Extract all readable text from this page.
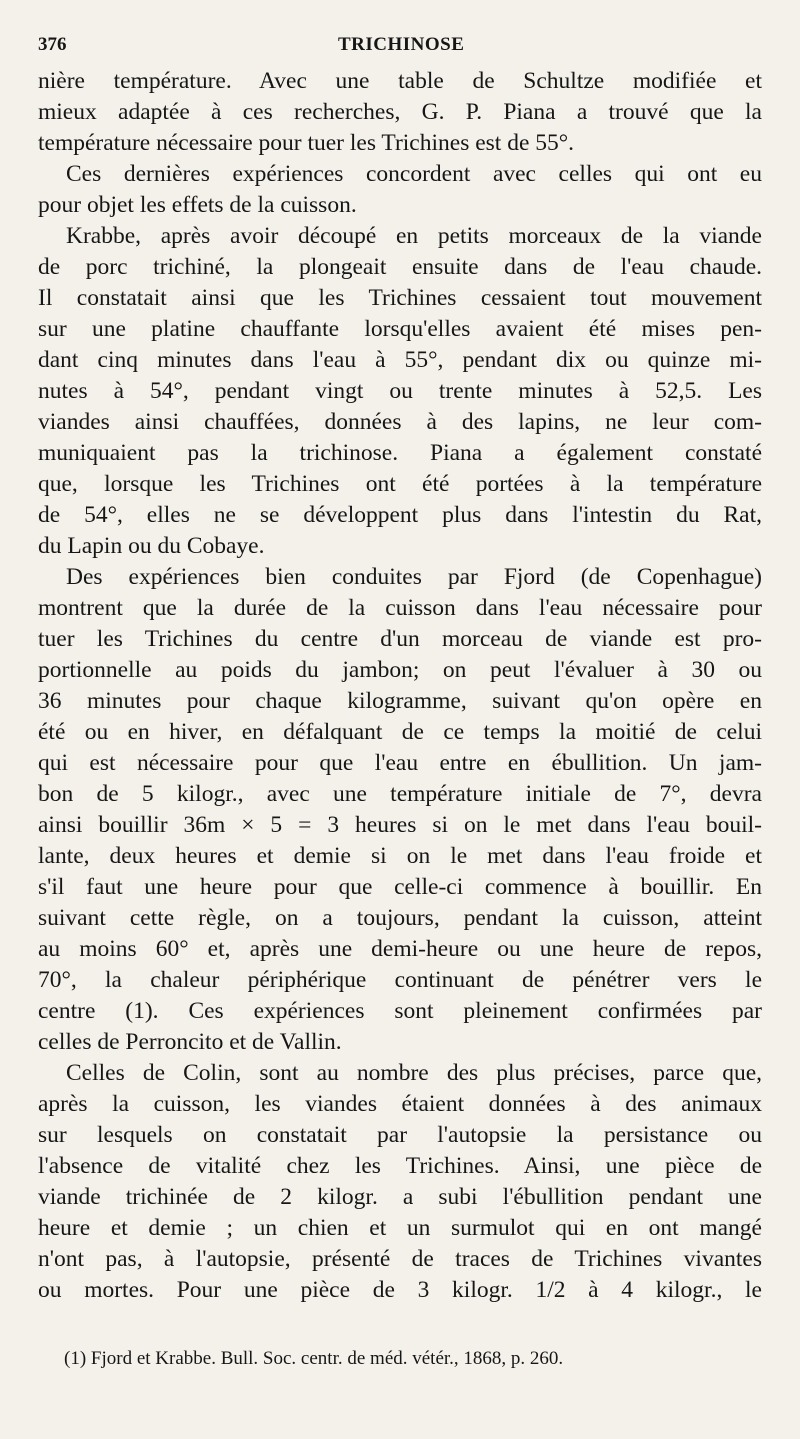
376	TRICHINOSE
nière température. Avec une table de Schultze modifiée et
mieux adaptée à ces recherches, G. P. Piana a trouvé que la
température nécessaire pour tuer les Trichines est de 55°.
Ces dernières expériences concordent avec celles qui ont eu
pour objet les effets de la cuisson.
Krabbe, après avoir découpé en petits morceaux de la viande
de porc trichiné, la plongeait ensuite dans de l'eau chaude.
Il constatait ainsi que les Trichines cessaient tout mouvement
sur une platine chauffante lorsqu'elles avaient été mises pen-
dant cinq minutes dans l'eau à 55°, pendant dix ou quinze mi-
nutes à 54°, pendant vingt ou trente minutes à 52,5. Les
viandes ainsi chauffées, données à des lapins, ne leur com-
muniquaient pas la trichinose. Piana a également constaté
que, lorsque les Trichines ont été portées à la température
de 54°, elles ne se développent plus dans l'intestin du Rat,
du Lapin ou du Cobaye.
Des expériences bien conduites par Fjord (de Copenhague)
montrent que la durée de la cuisson dans l'eau nécessaire pour
tuer les Trichines du centre d'un morceau de viande est pro-
portionnelle au poids du jambon; on peut l'évaluer à 30 ou
36 minutes pour chaque kilogramme, suivant qu'on opère en
été ou en hiver, en défalquant de ce temps la moitié de celui
qui est nécessaire pour que l'eau entre en ébullition. Un jam-
bon de 5 kilogr., avec une température initiale de 7°, devra
ainsi bouillir 36m × 5 = 3 heures si on le met dans l'eau bouil-
lante, deux heures et demie si on le met dans l'eau froide et
s'il faut une heure pour que celle-ci commence à bouillir. En
suivant cette règle, on a toujours, pendant la cuisson, atteint
au moins 60° et, après une demi-heure ou une heure de repos,
70°, la chaleur périphérique continuant de pénétrer vers le
centre (1). Ces expériences sont pleinement confirmées par
celles de Perroncito et de Vallin.
Celles de Colin, sont au nombre des plus précises, parce que,
après la cuisson, les viandes étaient données à des animaux
sur lesquels on constatait par l'autopsie la persistance ou
l'absence de vitalité chez les Trichines. Ainsi, une pièce de
viande trichinée de 2 kilogr. a subi l'ébullition pendant une
heure et demie ; un chien et un surmulot qui en ont mangé
n'ont pas, à l'autopsie, présenté de traces de Trichines vivantes
ou mortes. Pour une pièce de 3 kilogr. 1/2 à 4 kilogr., le
(1) Fjord et Krabbe. Bull. Soc. centr. de méd. vétér., 1868, p. 260.
